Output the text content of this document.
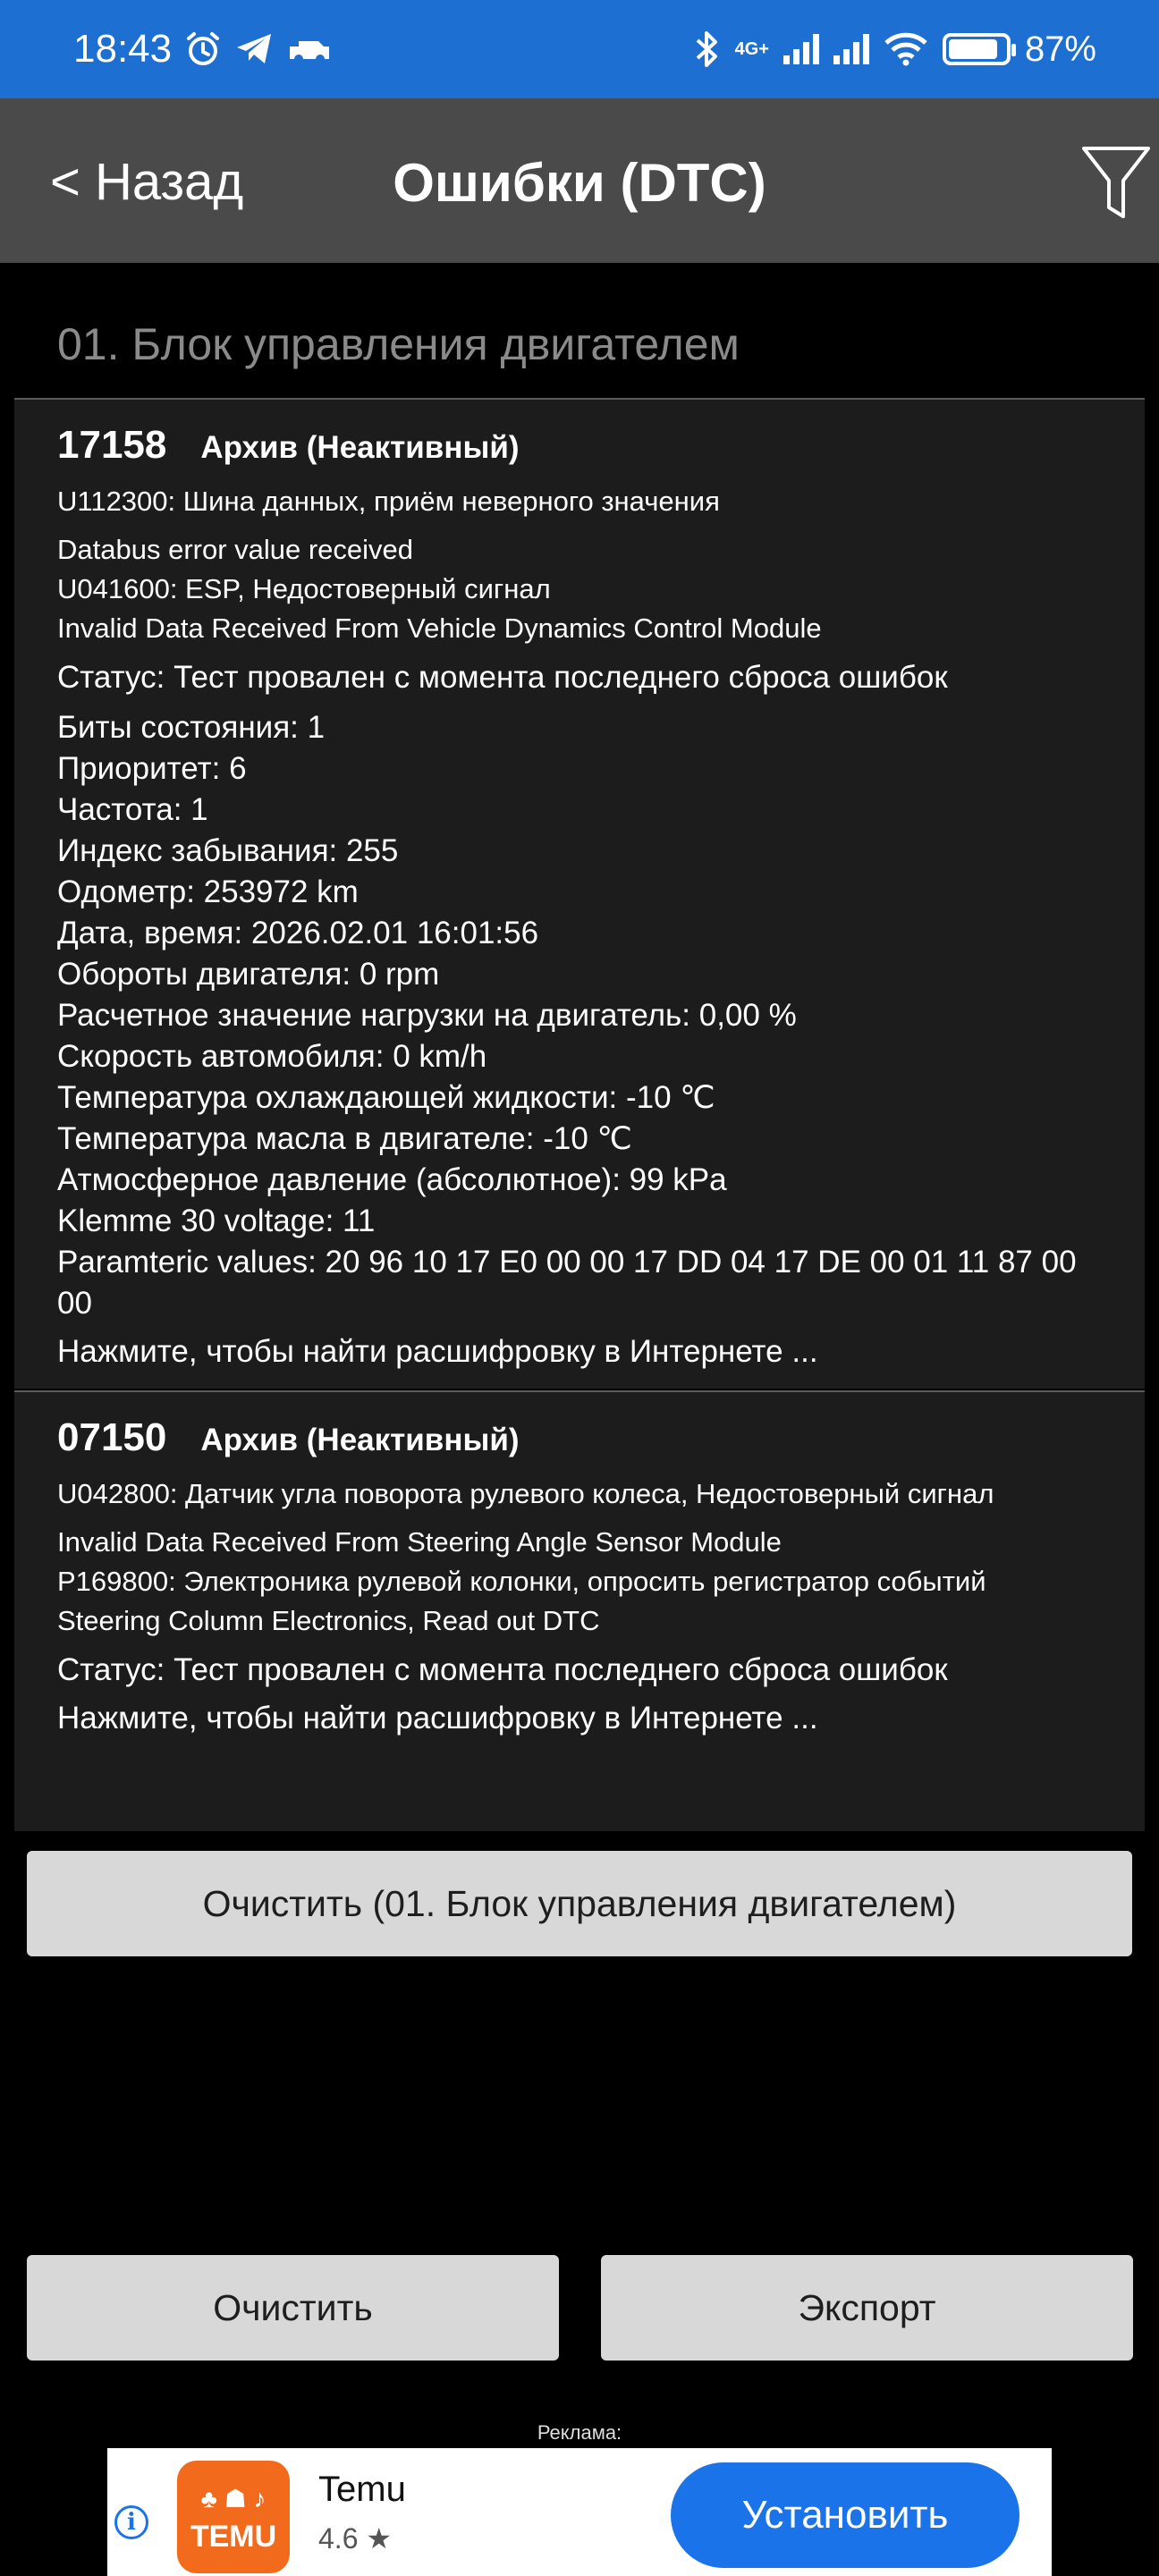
18:43	4G+	87%
< Назад	Ошибки (DTC)
01. Блок управления двигателем
17158 Архив (Неактивный)
U112300: Шина данных, приём неверного значения
Databus error value received
U041600: ESP, Недостоверный сигнал
Invalid Data Received From Vehicle Dynamics Control Module
Статус: Тест провален с момента последнего сброса ошибок
Биты состояния: 1
Приоритет: 6
Частота: 1
Индекс забывания: 255
Одометр: 253972 km
Дата, время: 2026.02.01 16:01:56
Обороты двигателя: 0 rpm
Расчетное значение нагрузки на двигатель: 0,00 %
Скорость автомобиля: 0 km/h
Температура охлаждающей жидкости: -10 ℃
Температура масла в двигателе: -10 ℃
Атмосферное давление (абсолютное): 99 kPa
Klemme 30 voltage: 11
Paramteric values: 20 96 10 17 E0 00 00 17 DD 04 17 DE 00 01 11 87 00 00
Нажмите, чтобы найти расшифровку в Интернете ...
07150 Архив (Неактивный)
U042800: Датчик угла поворота рулевого колеса, Недостоверный сигнал
Invalid Data Received From Steering Angle Sensor Module
P169800: Электроника рулевой колонки, опросить регистратор событий
Steering Column Electronics, Read out DTC
Статус: Тест провален с момента последнего сброса ошибок
Нажмите, чтобы найти расшифровку в Интернете ...
Очистить (01. Блок управления двигателем)
Очистить	Экспорт
Реклама:
i
♣ ☗ ♪
TEMU
Temu
4.6 ★
Установить
